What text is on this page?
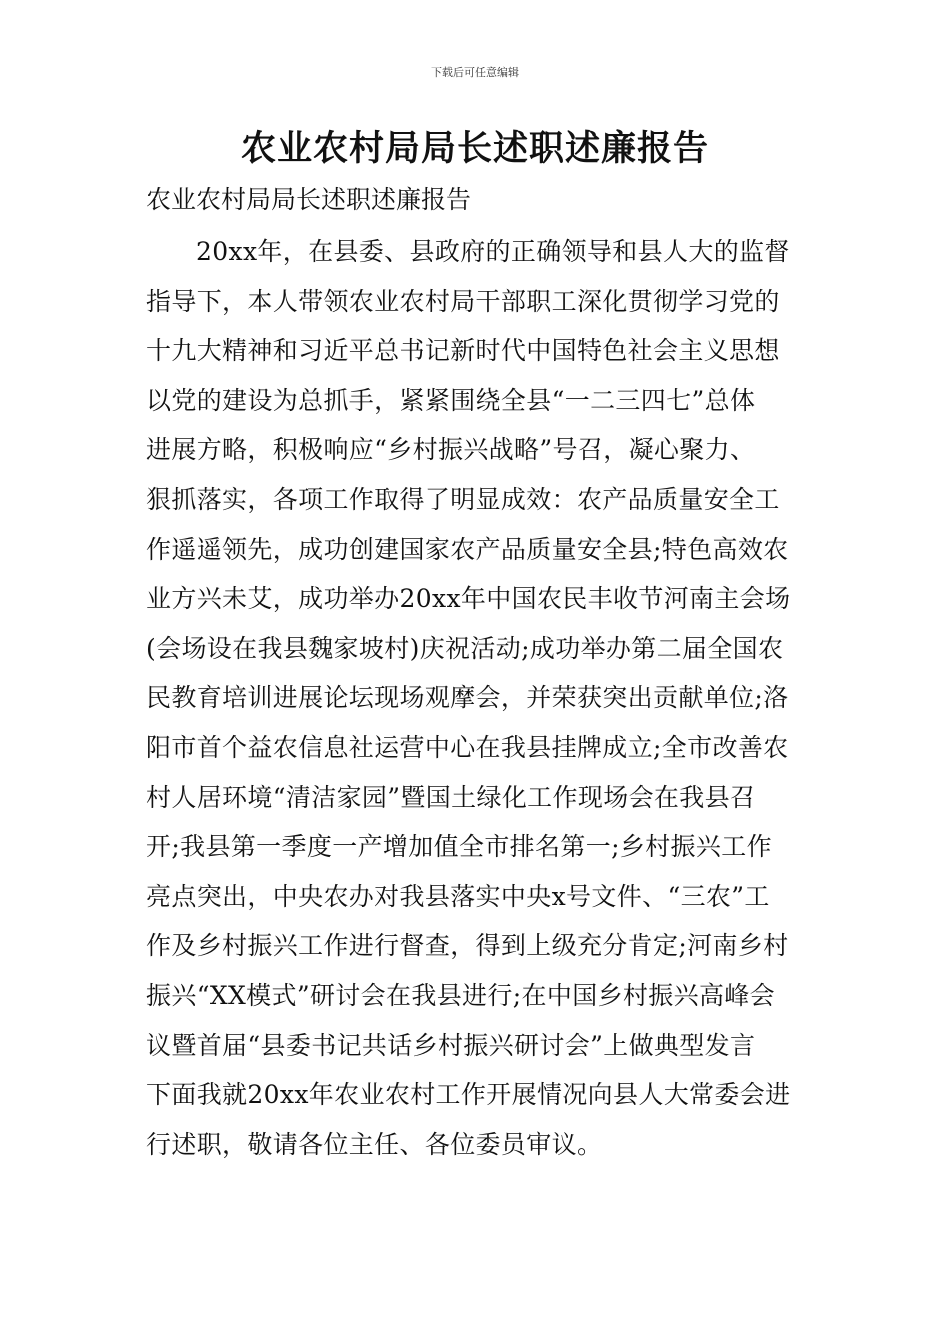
下载后可任意编辑
农业农村局局长述职述廉报告

农业农村局局长述职述廉报告

20xx年，在县委、县政府的正确领导和县人大的监督
指导下，本人带领农业农村局干部职工深化贯彻学习党的
十九大精神和习近平总书记新时代中国特色社会主义思想
以党的建设为总抓手，紧紧围绕全县“一二三四七”总体
进展方略，积极响应“乡村振兴战略”号召，凝心聚力、
狠抓落实，各项工作取得了明显成效：农产品质量安全工
作遥遥领先，成功创建国家农产品质量安全县;特色高效农
业方兴未艾，成功举办20xx年中国农民丰收节河南主会场
(会场设在我县魏家坡村)庆祝活动;成功举办第二届全国农
民教育培训进展论坛现场观摩会，并荣获突出贡献单位;洛
阳市首个益农信息社运营中心在我县挂牌成立;全市改善农
村人居环境“清洁家园”暨国土绿化工作现场会在我县召
开;我县第一季度一产增加值全市排名第一;乡村振兴工作
亮点突出，中央农办对我县落实中央x号文件、“三农”工
作及乡村振兴工作进行督查，得到上级充分肯定;河南乡村
振兴“XX模式”研讨会在我县进行;在中国乡村振兴高峰会
议暨首届“县委书记共话乡村振兴研讨会”上做典型发言
下面我就20xx年农业农村工作开展情况向县人大常委会进
行述职，敬请各位主任、各位委员审议。
